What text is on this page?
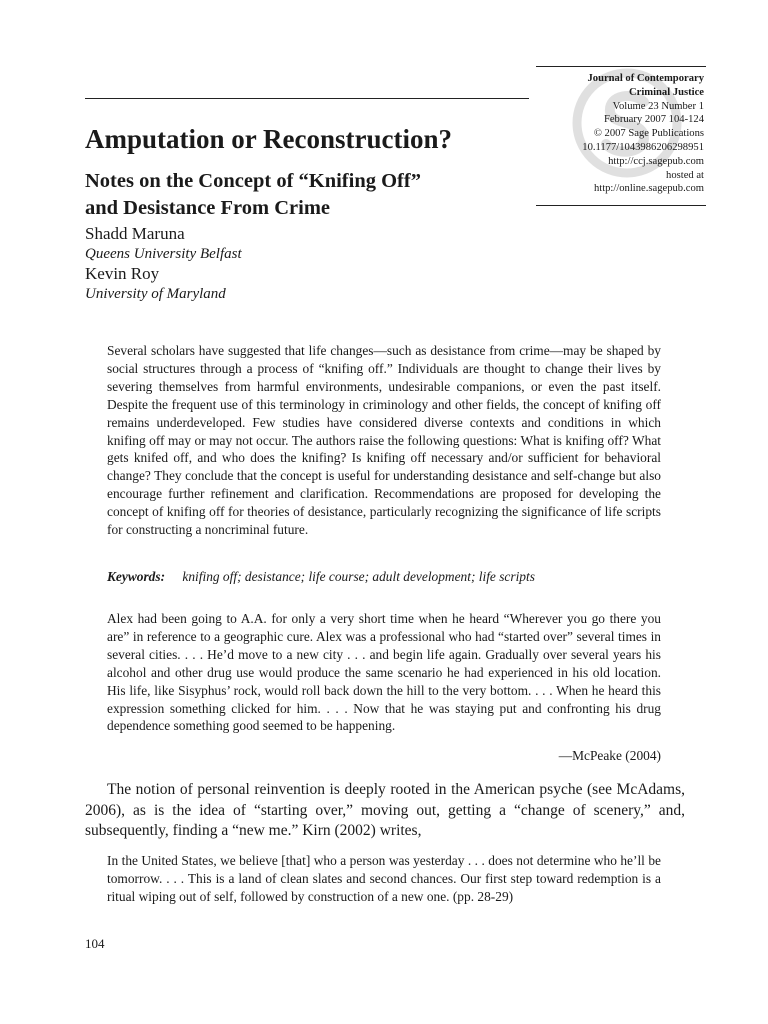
Journal of Contemporary
Criminal Justice
Volume 23 Number 1
February 2007 104-124
© 2007 Sage Publications
10.1177/1043986206298951
http://ccj.sagepub.com
hosted at
http://online.sagepub.com
Amputation or Reconstruction?
Notes on the Concept of “Knifing Off”
and Desistance From Crime
Shadd Maruna
Queens University Belfast
Kevin Roy
University of Maryland

Several scholars have suggested that life changes—such as desistance from crime—may be shaped by social structures through a process of “knifing off.” Individuals are thought to change their lives by severing themselves from harmful environments, undesirable companions, or even the past itself. Despite the frequent use of this terminology in criminology and other fields, the concept of knifing off remains underdeveloped. Few studies have considered diverse contexts and conditions in which knifing off may or may not occur. The authors raise the following questions: What is knifing off? What gets knifed off, and who does the knifing? Is knifing off necessary and/or sufficient for behavioral change? They conclude that the concept is useful for understanding desistance and self-change but also encourage further refinement and clarification. Recommendations are proposed for developing the concept of knifing off for theories of desistance, particularly recognizing the significance of life scripts for constructing a noncriminal future.

Keywords: knifing off; desistance; life course; adult development; life scripts

Alex had been going to A.A. for only a very short time when he heard “Wherever you go there you are” in reference to a geographic cure. Alex was a professional who had “started over” several times in several cities. . . . He’d move to a new city . . . and begin life again. Gradually over several years his alcohol and other drug use would produce the same scenario he had experienced in his old location. His life, like Sisyphus’ rock, would roll back down the hill to the very bottom. . . . When he heard this expression something clicked for him. . . . Now that he was staying put and confronting his drug dependence something good seemed to be happening.

—McPeake (2004)

The notion of personal reinvention is deeply rooted in the American psyche (see McAdams, 2006), as is the idea of “starting over,” moving out, getting a “change of scenery,” and, subsequently, finding a “new me.” Kirn (2002) writes,

In the United States, we believe [that] who a person was yesterday . . . does not determine who he’ll be tomorrow. . . . This is a land of clean slates and second chances. Our first step toward redemption is a ritual wiping out of self, followed by construction of a new one. (pp. 28-29)

104
